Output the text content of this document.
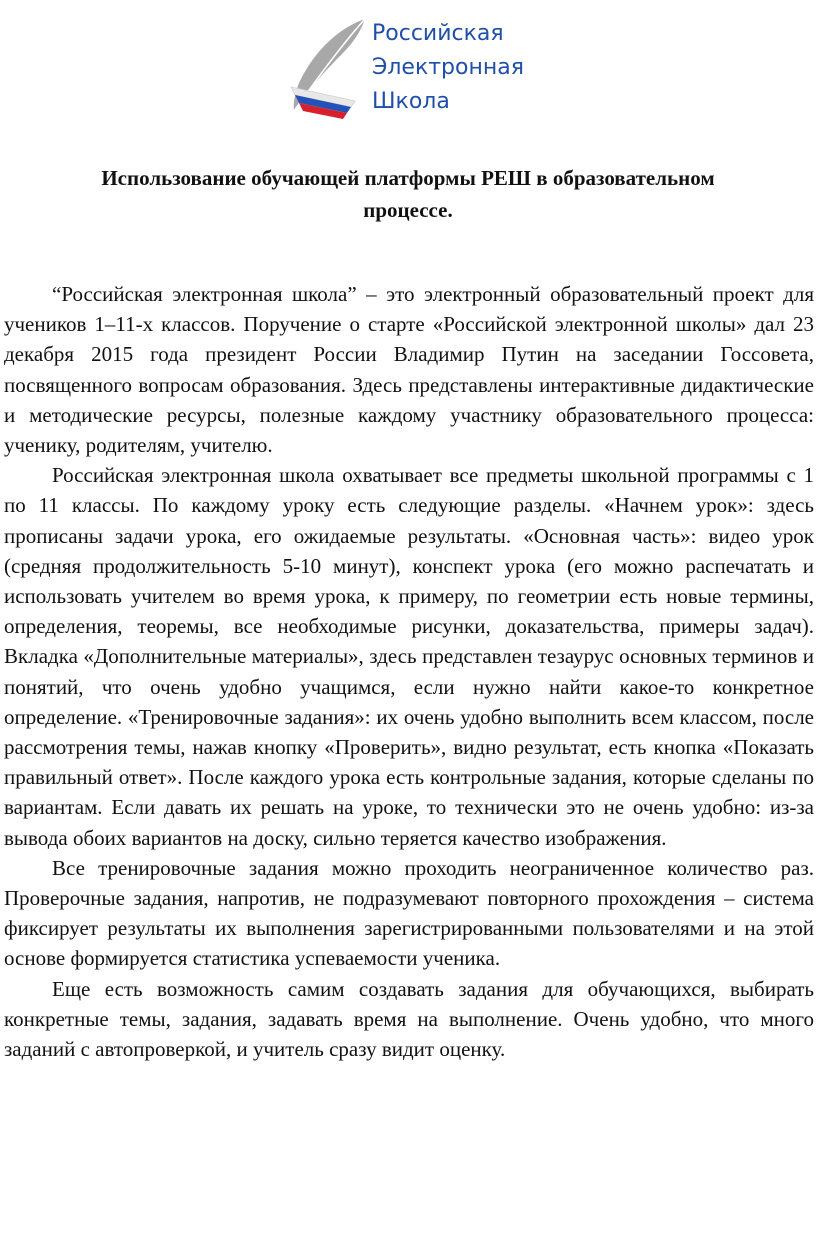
Российская
Электронная
Школа
Использование обучающей платформы РЕШ в образовательном
процессе.

“Российская электронная школа” – это электронный образовательный проект для учеников 1–11-х классов. Поручение о старте «Российской электронной школы» дал 23 декабря 2015 года президент России Владимир Путин на заседании Госсовета, посвященного вопросам образования. Здесь представлены интерактивные дидактические и методические ресурсы, полезные каждому участнику образовательного процесса: ученику, родителям, учителю.

Российская электронная школа охватывает все предметы школьной программы с 1 по 11 классы. По каждому уроку есть следующие разделы. «Начнем урок»: здесь прописаны задачи урока, его ожидаемые результаты. «Основная часть»: видео урок (средняя продолжительность 5-10 минут), конспект урока (его можно распечатать и использовать учителем во время урока, к примеру, по геометрии есть новые термины, определения, теоремы, все необходимые рисунки, доказательства, примеры задач). Вкладка «Дополнительные материалы», здесь представлен тезаурус основных терминов и понятий, что очень удобно учащимся, если нужно найти какое-то конкретное определение. «Тренировочные задания»: их очень удобно выполнить всем классом, после рассмотрения темы, нажав кнопку «Проверить», видно результат, есть кнопка «Показать правильный ответ». После каждого урока есть контрольные задания, которые сделаны по вариантам. Если давать их решать на уроке, то технически это не очень удобно: из-за вывода обоих вариантов на доску, сильно теряется качество изображения.

Все тренировочные задания можно проходить неограниченное количество раз. Проверочные задания, напротив, не подразумевают повторного прохождения – система фиксирует результаты их выполнения зарегистрированными пользователями и на этой основе формируется статистика успеваемости ученика.

Еще есть возможность самим создавать задания для обучающихся, выбирать конкретные темы, задания, задавать время на выполнение. Очень удобно, что много заданий с автопроверкой, и учитель сразу видит оценку.
